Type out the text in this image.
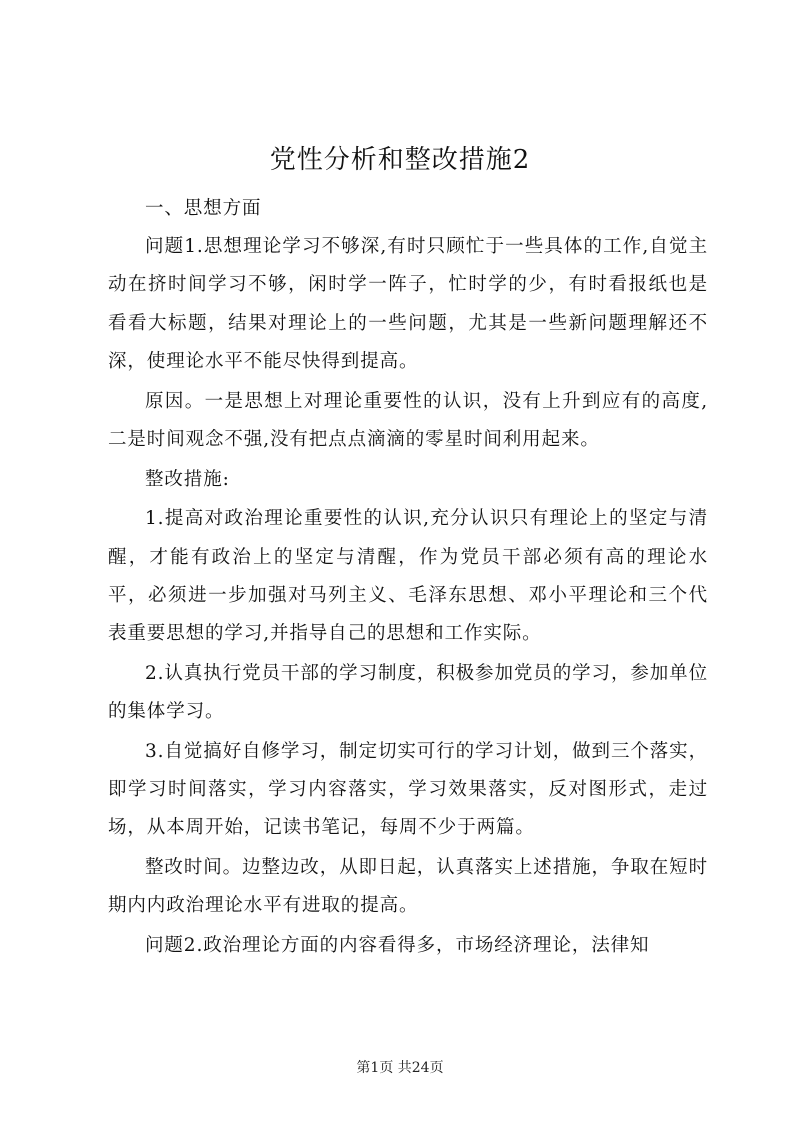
党性分析和整改措施2

一、思想方面

问题1.思想理论学习不够深,有时只顾忙于一些具体的工作,自觉主动在挤时间学习不够，闲时学一阵子，忙时学的少，有时看报纸也是看看大标题，结果对理论上的一些问题，尤其是一些新问题理解还不深，使理论水平不能尽快得到提高。

原因。一是思想上对理论重要性的认识，没有上升到应有的高度,二是时间观念不强,没有把点点滴滴的零星时间利用起来。

整改措施:

1.提高对政治理论重要性的认识,充分认识只有理论上的坚定与清醒，才能有政治上的坚定与清醒，作为党员干部必须有高的理论水平，必须进一步加强对马列主义、毛泽东思想、邓小平理论和三个代表重要思想的学习,并指导自己的思想和工作实际。

2.认真执行党员干部的学习制度，积极参加党员的学习，参加单位的集体学习。

3.自觉搞好自修学习，制定切实可行的学习计划，做到三个落实，即学习时间落实，学习内容落实，学习效果落实，反对图形式，走过场，从本周开始，记读书笔记，每周不少于两篇。

整改时间。边整边改，从即日起，认真落实上述措施，争取在短时期内内政治理论水平有进取的提高。

问题2.政治理论方面的内容看得多，市场经济理论，法律知

第1页 共24页
